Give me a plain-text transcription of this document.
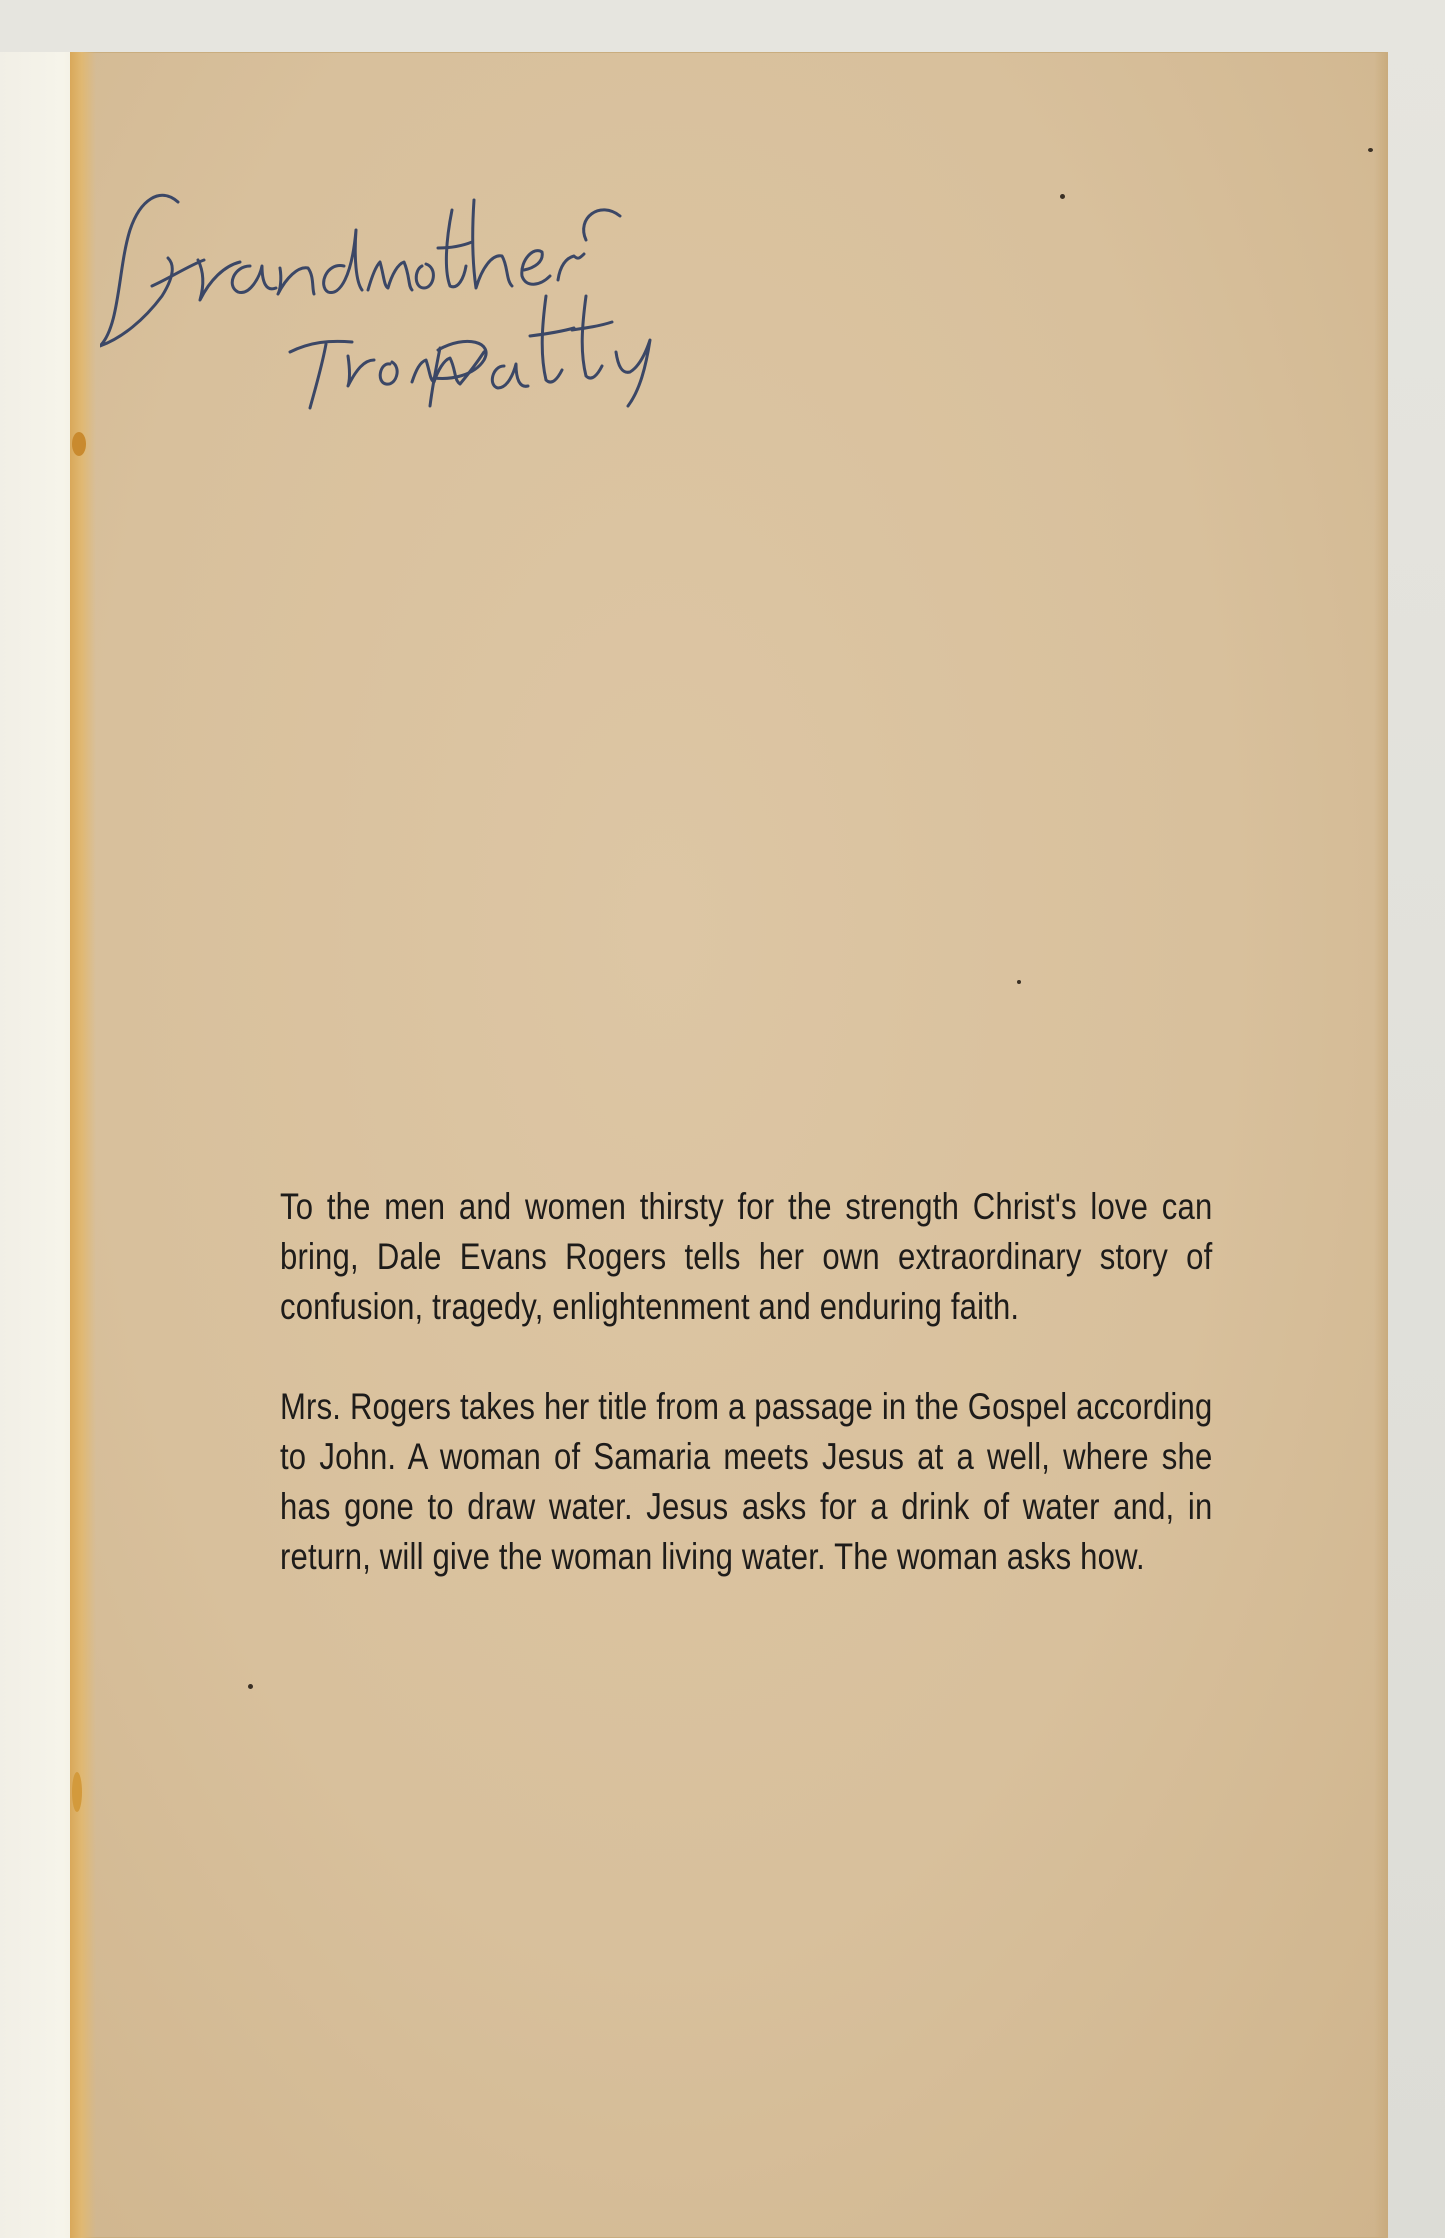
To the men and women thirsty for the strength Christ's love can bring, Dale Evans Rogers tells her own extraordinary story of confusion, tragedy, enlightenment and enduring faith.

Mrs. Rogers takes her title from a passage in the Gospel according to John. A woman of Samaria meets Jesus at a well, where she has gone to draw water. Jesus asks for a drink of water and, in return, will give the woman living water. The woman asks how.
